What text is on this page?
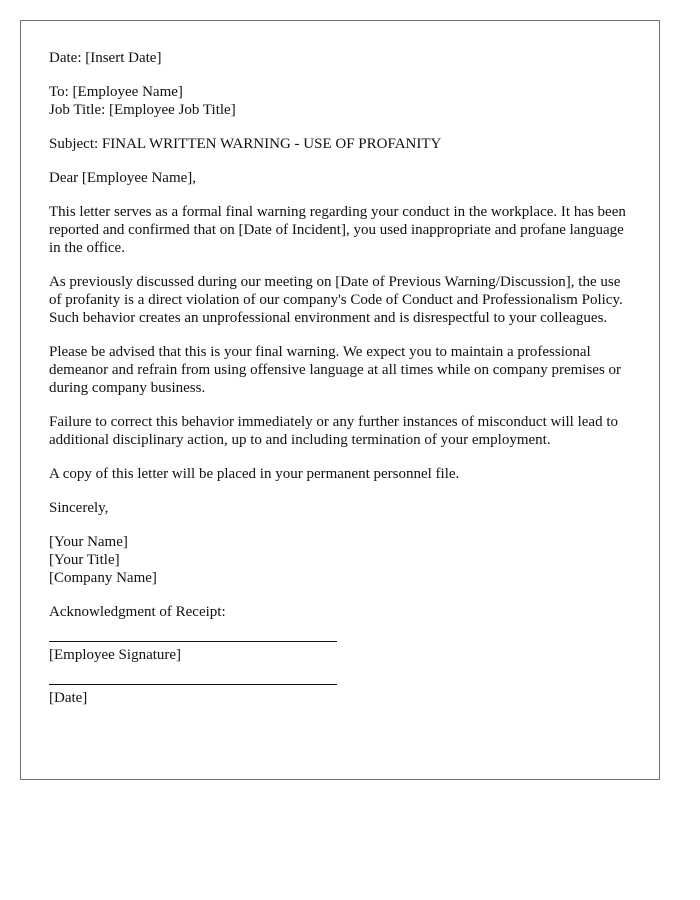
Date: [Insert Date]

To: [Employee Name]
Job Title: [Employee Job Title]

Subject: FINAL WRITTEN WARNING - USE OF PROFANITY

Dear [Employee Name],

This letter serves as a formal final warning regarding your conduct in the workplace. It has been reported and confirmed that on [Date of Incident], you used inappropriate and profane language in the office.

As previously discussed during our meeting on [Date of Previous Warning/Discussion], the use of profanity is a direct violation of our company's Code of Conduct and Professionalism Policy. Such behavior creates an unprofessional environment and is disrespectful to your colleagues.

Please be advised that this is your final warning. We expect you to maintain a professional demeanor and refrain from using offensive language at all times while on company premises or during company business.

Failure to correct this behavior immediately or any further instances of misconduct will lead to additional disciplinary action, up to and including termination of your employment.

A copy of this letter will be placed in your permanent personnel file.

Sincerely,

[Your Name]
[Your Title]
[Company Name]

Acknowledgment of Receipt:

[Employee Signature]
[Date]
